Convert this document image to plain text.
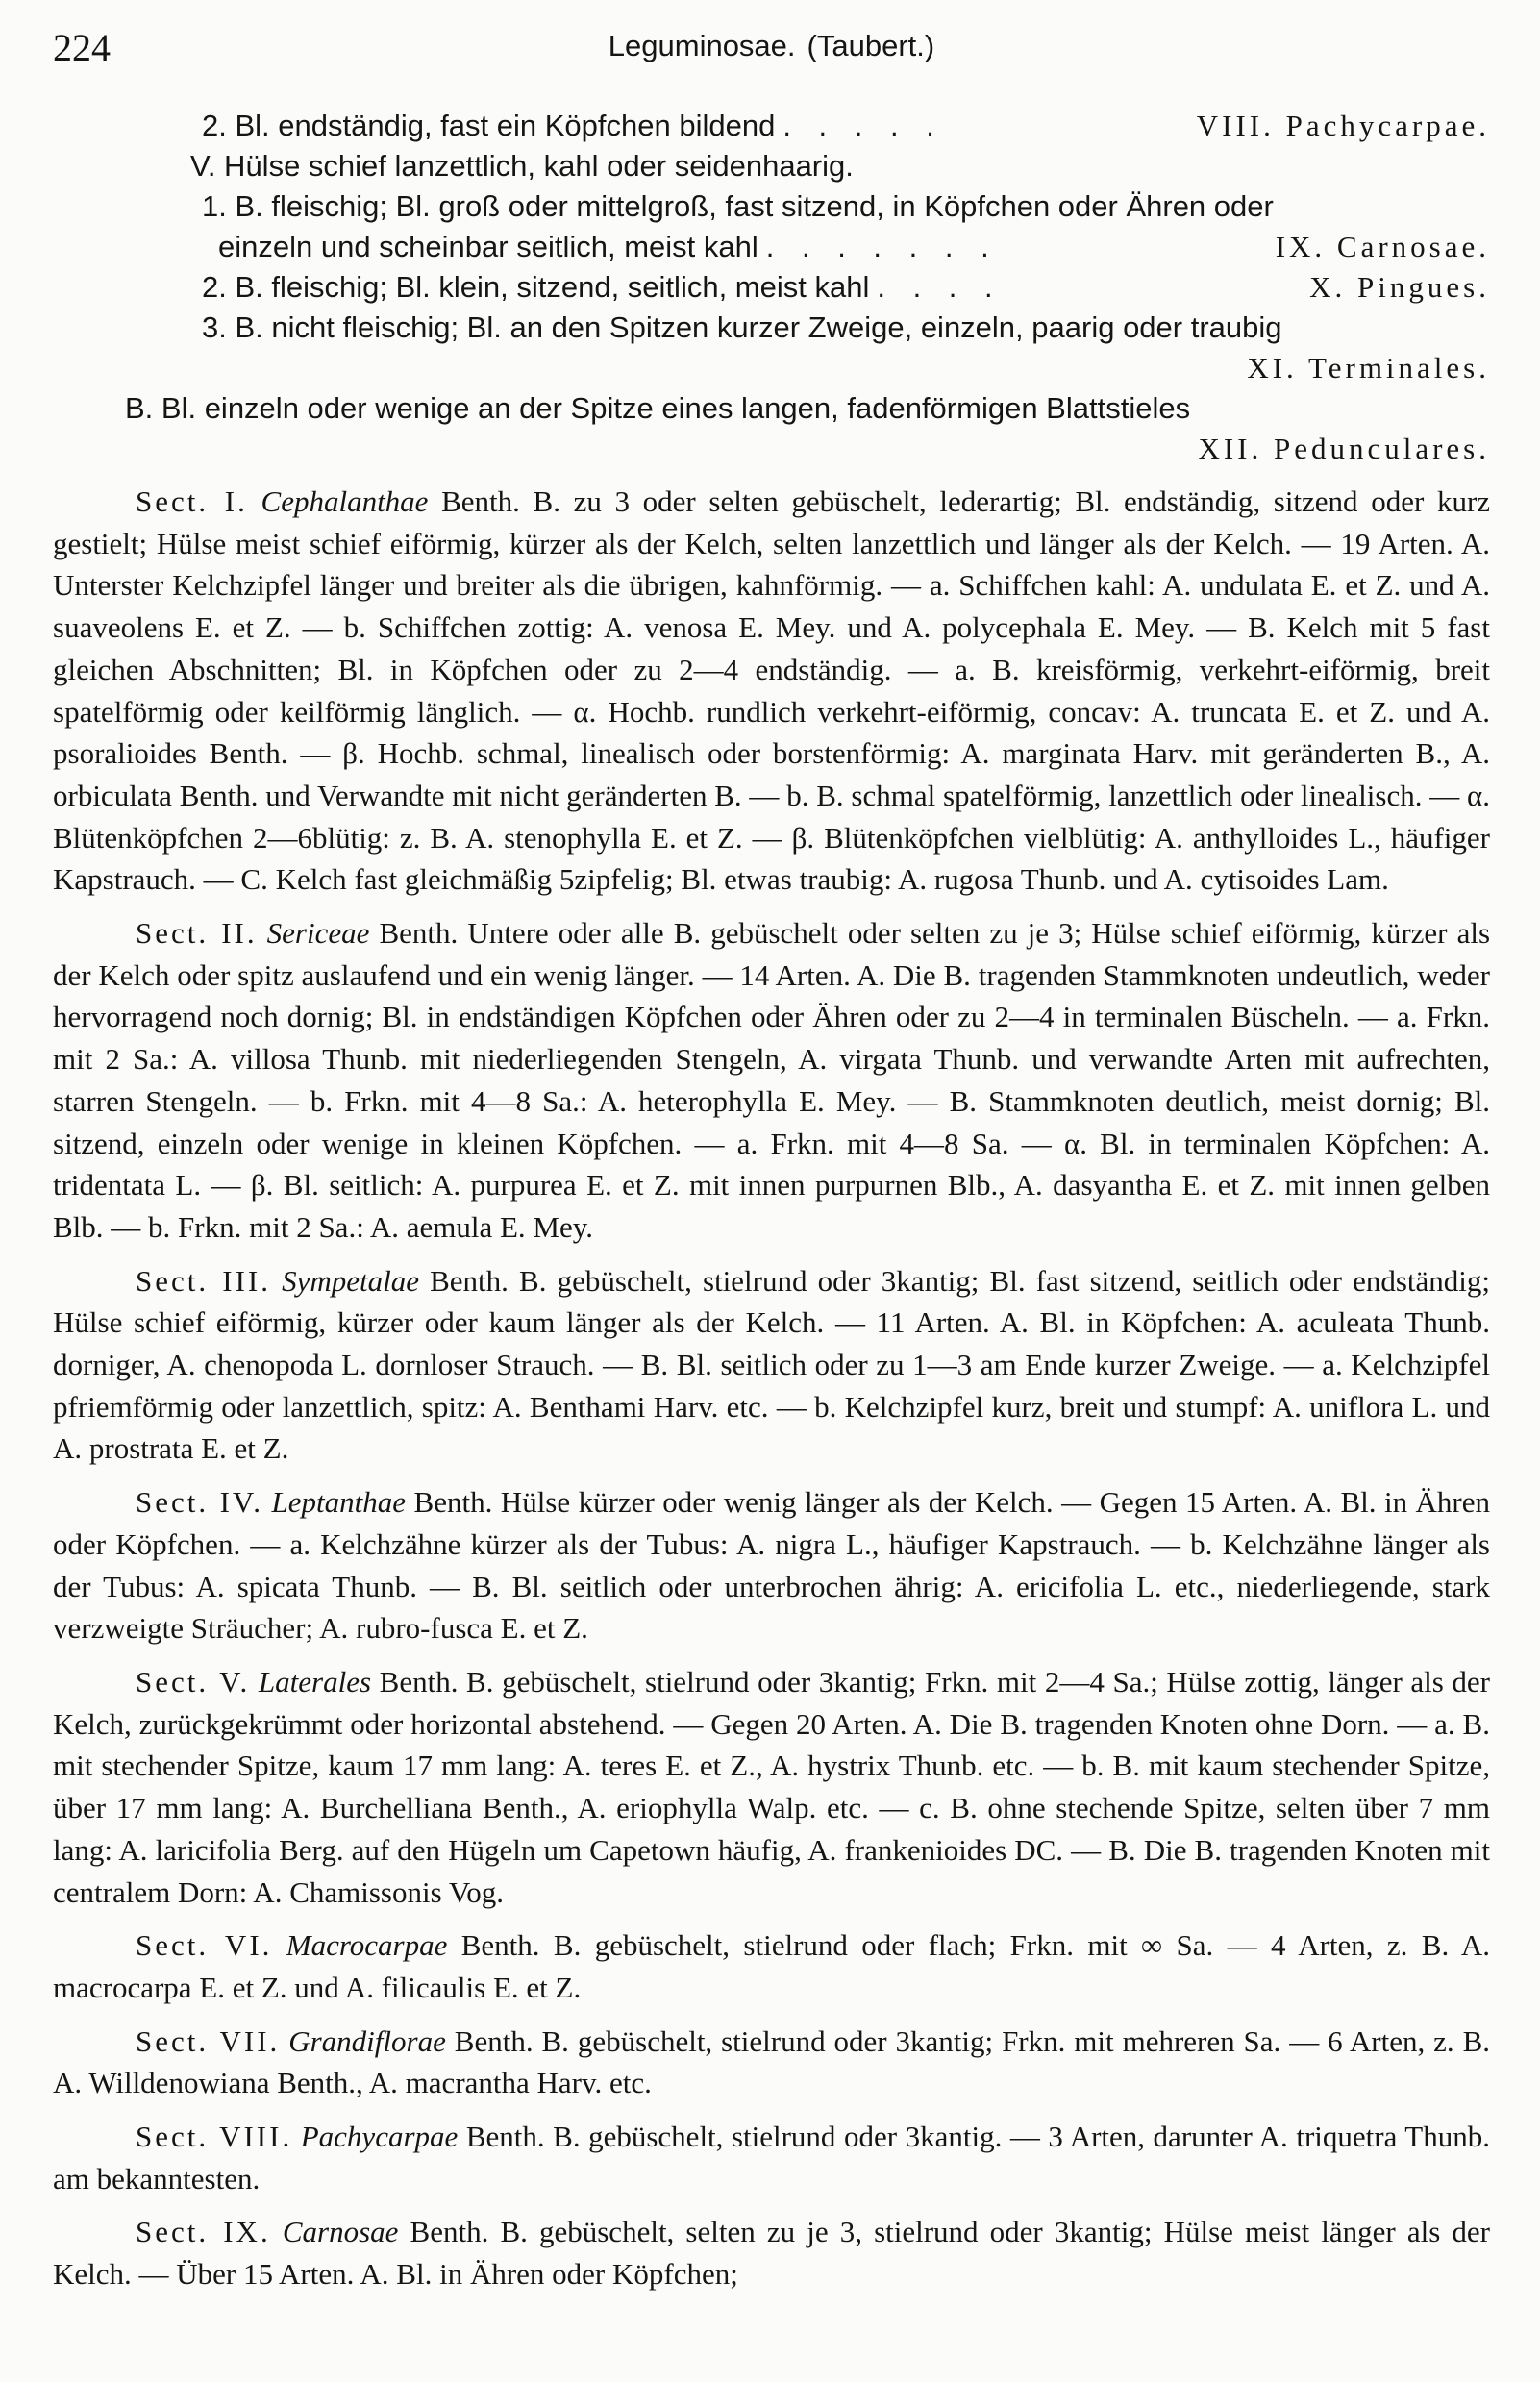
224	Leguminosae. (Taubert.)
2. Bl. endständig, fast ein Köpfchen bildend . . . . .	VIII. Pachycarpae.
V. Hülse schief lanzettlich, kahl oder seidenhaarig.
1. B. fleischig; Bl. groß oder mittelgroß, fast sitzend, in Köpfchen oder Ähren oder
einzeln und scheinbar seitlich, meist kahl . . . . . . .	IX. Carnosae.
2. B. fleischig; Bl. klein, sitzend, seitlich, meist kahl . . . .	X. Pingues.
3. B. nicht fleischig; Bl. an den Spitzen kurzer Zweige, einzeln, paarig oder traubig
XI. Terminales.
B. Bl. einzeln oder wenige an der Spitze eines langen, fadenförmigen Blattstieles
XII. Pedunculares.

Sect. I. Cephalanthae Benth. B. zu 3 oder selten gebüschelt, lederartig; Bl. endständig, sitzend oder kurz gestielt; Hülse meist schief eiförmig, kürzer als der Kelch, selten lanzettlich und länger als der Kelch. — 19 Arten. A. Unterster Kelchzipfel länger und breiter als die übrigen, kahnförmig. — a. Schiffchen kahl: A. undulata E. et Z. und A. suaveolens E. et Z. — b. Schiffchen zottig: A. venosa E. Mey. und A. polycephala E. Mey. — B. Kelch mit 5 fast gleichen Abschnitten; Bl. in Köpfchen oder zu 2—4 endständig. — a. B. kreisförmig, verkehrt-eiförmig, breit spatelförmig oder keilförmig länglich. — α. Hochb. rundlich verkehrt-eiförmig, concav: A. truncata E. et Z. und A. psoralioides Benth. — β. Hochb. schmal, linealisch oder borstenförmig: A. marginata Harv. mit geränderten B., A. orbiculata Benth. und Verwandte mit nicht geränderten B. — b. B. schmal spatelförmig, lanzettlich oder linealisch. — α. Blütenköpfchen 2—6blütig: z. B. A. stenophylla E. et Z. — β. Blütenköpfchen vielblütig: A. anthylloides L., häufiger Kapstrauch. — C. Kelch fast gleichmäßig 5zipfelig; Bl. etwas traubig: A. rugosa Thunb. und A. cytisoides Lam.

Sect. II. Sericeae Benth. Untere oder alle B. gebüschelt oder selten zu je 3; Hülse schief eiförmig, kürzer als der Kelch oder spitz auslaufend und ein wenig länger. — 14 Arten. A. Die B. tragenden Stammknoten undeutlich, weder hervorragend noch dornig; Bl. in endständigen Köpfchen oder Ähren oder zu 2—4 in terminalen Büscheln. — a. Frkn. mit 2 Sa.: A. villosa Thunb. mit niederliegenden Stengeln, A. virgata Thunb. und verwandte Arten mit aufrechten, starren Stengeln. — b. Frkn. mit 4—8 Sa.: A. heterophylla E. Mey. — B. Stammknoten deutlich, meist dornig; Bl. sitzend, einzeln oder wenige in kleinen Köpfchen. — a. Frkn. mit 4—8 Sa. — α. Bl. in terminalen Köpfchen: A. tridentata L. — β. Bl. seitlich: A. purpurea E. et Z. mit innen purpurnen Blb., A. dasyantha E. et Z. mit innen gelben Blb. — b. Frkn. mit 2 Sa.: A. aemula E. Mey.

Sect. III. Sympetalae Benth. B. gebüschelt, stielrund oder 3kantig; Bl. fast sitzend, seitlich oder endständig; Hülse schief eiförmig, kürzer oder kaum länger als der Kelch. — 11 Arten. A. Bl. in Köpfchen: A. aculeata Thunb. dorniger, A. chenopoda L. dornloser Strauch. — B. Bl. seitlich oder zu 1—3 am Ende kurzer Zweige. — a. Kelchzipfel pfriemförmig oder lanzettlich, spitz: A. Benthami Harv. etc. — b. Kelchzipfel kurz, breit und stumpf: A. uniflora L. und A. prostrata E. et Z.

Sect. IV. Leptanthae Benth. Hülse kürzer oder wenig länger als der Kelch. — Gegen 15 Arten. A. Bl. in Ähren oder Köpfchen. — a. Kelchzähne kürzer als der Tubus: A. nigra L., häufiger Kapstrauch. — b. Kelchzähne länger als der Tubus: A. spicata Thunb. — B. Bl. seitlich oder unterbrochen ährig: A. ericifolia L. etc., niederliegende, stark verzweigte Sträucher; A. rubro-fusca E. et Z.

Sect. V. Laterales Benth. B. gebüschelt, stielrund oder 3kantig; Frkn. mit 2—4 Sa.; Hülse zottig, länger als der Kelch, zurückgekrümmt oder horizontal abstehend. — Gegen 20 Arten. A. Die B. tragenden Knoten ohne Dorn. — a. B. mit stechender Spitze, kaum 17 mm lang: A. teres E. et Z., A. hystrix Thunb. etc. — b. B. mit kaum stechender Spitze, über 17 mm lang: A. Burchelliana Benth., A. eriophylla Walp. etc. — c. B. ohne stechende Spitze, selten über 7 mm lang: A. laricifolia Berg. auf den Hügeln um Capetown häufig, A. frankenioides DC. — B. Die B. tragenden Knoten mit centralem Dorn: A. Chamissonis Vog.

Sect. VI. Macrocarpae Benth. B. gebüschelt, stielrund oder flach; Frkn. mit ∞ Sa. — 4 Arten, z. B. A. macrocarpa E. et Z. und A. filicaulis E. et Z.

Sect. VII. Grandiflorae Benth. B. gebüschelt, stielrund oder 3kantig; Frkn. mit mehreren Sa. — 6 Arten, z. B. A. Willdenowiana Benth., A. macrantha Harv. etc.

Sect. VIII. Pachycarpae Benth. B. gebüschelt, stielrund oder 3kantig. — 3 Arten, darunter A. triquetra Thunb. am bekanntesten.

Sect. IX. Carnosae Benth. B. gebüschelt, selten zu je 3, stielrund oder 3kantig; Hülse meist länger als der Kelch. — Über 15 Arten. A. Bl. in Ähren oder Köpfchen;
